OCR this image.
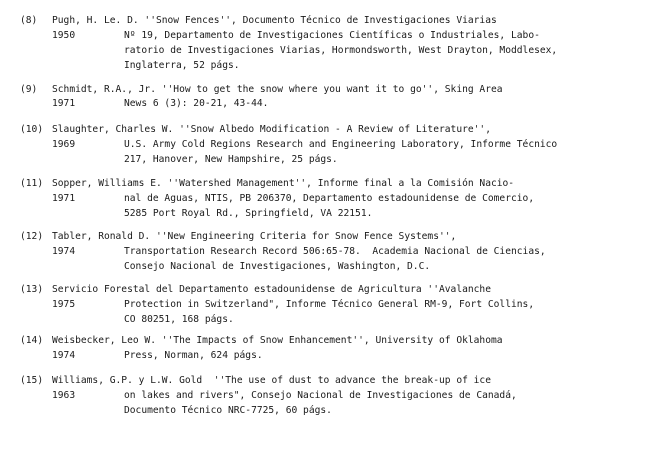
(8) Pugh, H. Le. D. ''Snow Fences'', Documento Técnico de Investigaciones Viarias
1950	Nº 19, Departamento de Investigaciones Científicas o Industriales, Labo-
ratorio de Investigaciones Viarias, Hormondsworth, West Drayton, Moddlesex,
Inglaterra, 52 págs.
(9) Schmidt, R.A., Jr. ''How to get the snow where you want it to go'', Sking Area
1971	News 6 (3): 20-21, 43-44.
(10) Slaughter, Charles W. ''Snow Albedo Modification - A Review of Literature'',
1969	U.S. Army Cold Regions Research and Engineering Laboratory, Informe Técnico
217, Hanover, New Hampshire, 25 págs.
(11) Sopper, Williams E. ''Watershed Management'', Informe final a la Comisión Nacio-
1971	nal de Aguas, NTIS, PB 206370, Departamento estadounidense de Comercio,
5285 Port Royal Rd., Springfield, VA 22151.
(12) Tabler, Ronald D. ''New Engineering Criteria for Snow Fence Systems'',
1974	Transportation Research Record 506:65-78.  Academia Nacional de Ciencias,
Consejo Nacional de Investigaciones, Washington, D.C.
(13) Servicio Forestal del Departamento estadounidense de Agricultura ''Avalanche
1975	Protection in Switzerland", Informe Técnico General RM-9, Fort Collins,
CO 80251, 168 págs.
(14) Weisbecker, Leo W. ''The Impacts of Snow Enhancement'', University of Oklahoma
1974	Press, Norman, 624 págs.
(15) Williams, G.P. y L.W. Gold  ''The use of dust to advance the break-up of ice
1963	on lakes and rivers", Consejo Nacional de Investigaciones de Canadá,
Documento Técnico NRC-7725, 60 págs.
